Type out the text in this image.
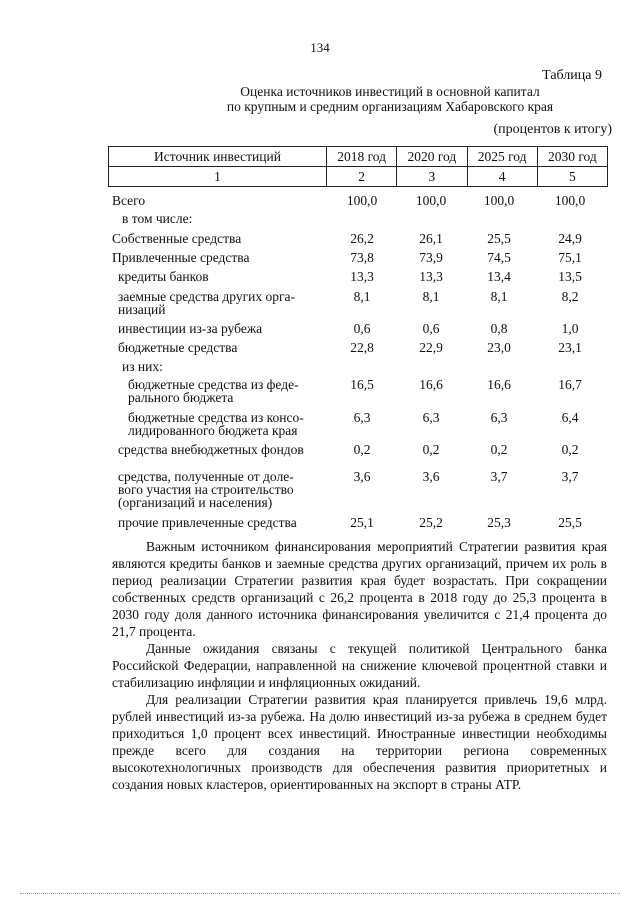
134
Таблица 9
Оценка источников инвестиций в основной капитал
по крупным и средним организациям Хабаровского края
(процентов к итогу)
Источник инвестиций	2018 год	2020 год	2025 год	2030 год
1	2	3	4	5
Всего	100,0	100,0	100,0	100,0
в том числе:
Собственные средства	26,2	26,1	25,5	24,9
Привлеченные средства	73,8	73,9	74,5	75,1
кредиты банков	13,3	13,3	13,4	13,5
заемные средства других орга-
низаций
8,1	8,1	8,1	8,2
инвестиции из-за рубежа	0,6	0,6	0,8	1,0
бюджетные средства	22,8	22,9	23,0	23,1
из них:
бюджетные средства из феде-
рального бюджета
16,5	16,6	16,6	16,7
бюджетные средства из консо-
лидированного бюджета края
6,3	6,3	6,3	6,4
средства внебюджетных фондов	0,2	0,2	0,2	0,2
средства, полученные от доле-
вого участия на строительство
(организаций и населения)
3,6	3,6	3,7	3,7
прочие привлеченные средства	25,1	25,2	25,3	25,5

Важным источником финансирования мероприятий Стратегии развития края являются кредиты банков и заемные средства других организаций, причем их роль в период реализации Стратегии развития края будет возрастать. При сокращении собственных средств организаций с 26,2 процента в 2018 году до 25,3 процента в 2030 году доля данного источника финансирования увеличится с 21,4 процента до 21,7 процента.

Данные ожидания связаны с текущей политикой Центрального банка Российской Федерации, направленной на снижение ключевой процентной ставки и стабилизацию инфляции и инфляционных ожиданий.

Для реализации Стратегии развития края планируется привлечь 19,6 млрд. рублей инвестиций из-за рубежа. На долю инвестиций из-за рубежа в среднем будет приходиться 1,0 процент всех инвестиций. Иностранные инвестиции необходимы прежде всего для создания на территории региона современных высокотехнологичных производств для обеспечения развития приоритетных и создания новых кластеров, ориентированных на экспорт в страны АТР.
